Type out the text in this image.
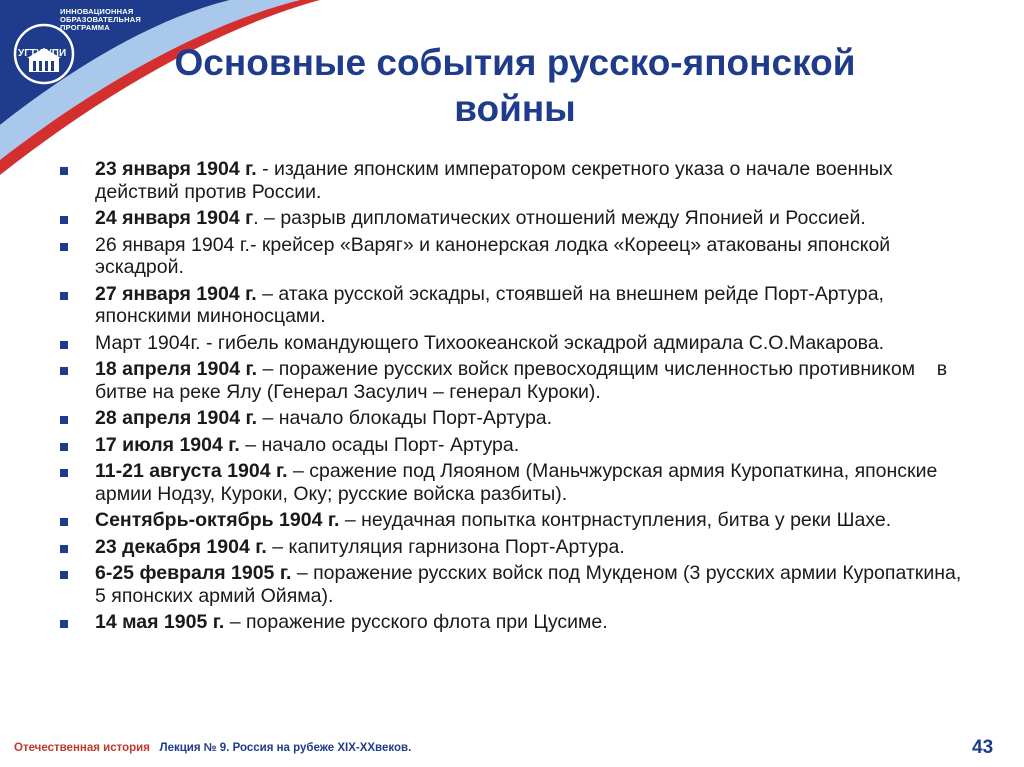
ИННОВАЦИОННАЯ
ОБРАЗОВАТЕЛЬНАЯ
ПРОГРАММА
УГТУ-УПИ	Основные события русско-японской войны
23 января 1904 г. - издание японским императором секретного указа о начале военных действий против России.
24 января 1904 г. – разрыв дипломатических отношений между Японией и Россией.
26 января 1904 г.- крейсер «Варяг» и канонерская лодка «Кореец» атакованы японской эскадрой.
27 января 1904 г. – атака русской эскадры, стоявшей на внешнем рейде Порт-Артура, японскими миноносцами.
Март 1904г. - гибель командующего Тихоокеанской эскадрой адмирала С.О.Макарова.
18 апреля 1904 г. – поражение русских войск превосходящим численностью противником    в битве на реке Ялу (Генерал Засулич – генерал Куроки).
28 апреля 1904 г. – начало блокады Порт-Артура.
17 июля 1904 г. – начало осады Порт- Артура.
11-21 августа 1904 г. – сражение под Ляояном (Маньчжурская армия Куропаткина, японские армии Нодзу, Куроки, Оку; русские войска разбиты).
Сентябрь-октябрь 1904 г. – неудачная попытка контрнаступления, битва у реки Шахе.
23 декабря 1904 г. – капитуляция гарнизона Порт-Артура.
6-25 февраля 1905 г. – поражение русских войск под Мукденом (3 русских армии Куропаткина, 5 японских армий Ойяма).
14 мая 1905 г. – поражение русского флота при Цусиме.
Отечественная история Лекция № 9. Россия на рубеже XIX-XXвеков.	43
